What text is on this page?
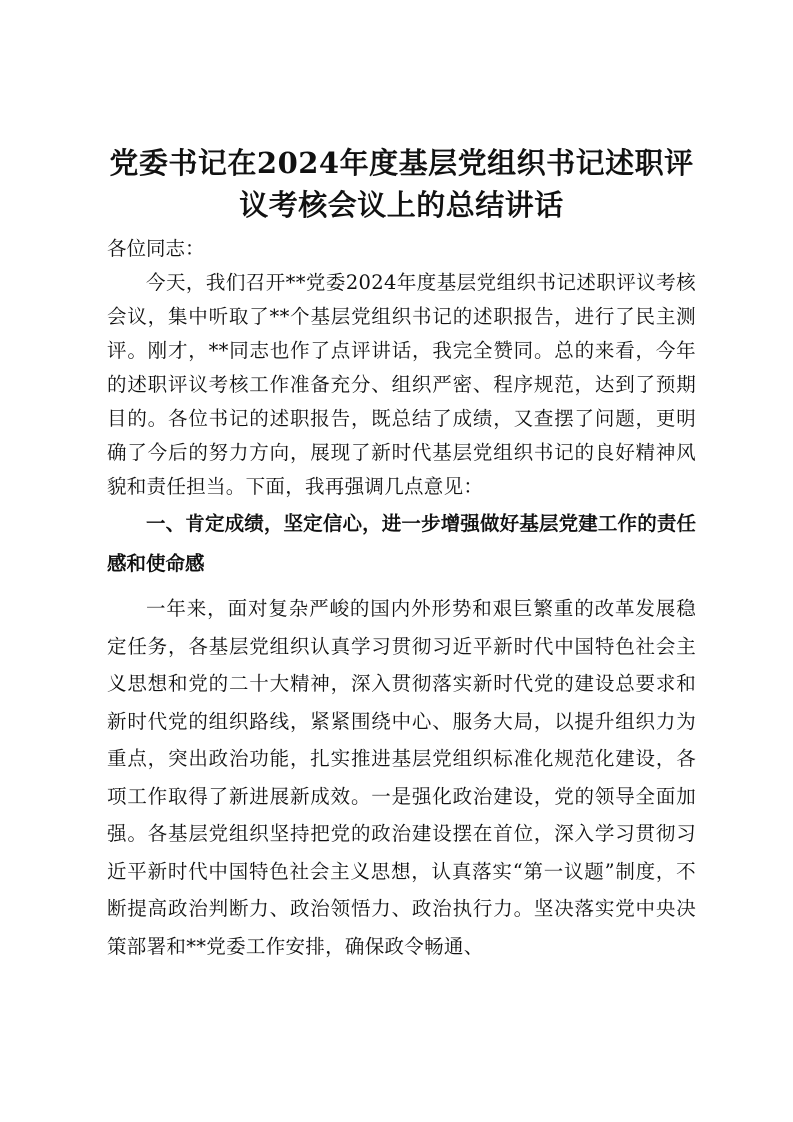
党委书记在2024年度基层党组织书记述职评
议考核会议上的总结讲话

各位同志：

今天，我们召开**党委2024年度基层党组织书记述职评议考核会议，集中听取了**个基层党组织书记的述职报告，进行了民主测评。刚才，**同志也作了点评讲话，我完全赞同。总的来看，今年的述职评议考核工作准备充分、组织严密、程序规范，达到了预期目的。各位书记的述职报告，既总结了成绩，又查摆了问题，更明确了今后的努力方向，展现了新时代基层党组织书记的良好精神风貌和责任担当。下面，我再强调几点意见：

一、肯定成绩，坚定信心，进一步增强做好基层党建工作的责任感和使命感

一年来，面对复杂严峻的国内外形势和艰巨繁重的改革发展稳定任务，各基层党组织认真学习贯彻习近平新时代中国特色社会主义思想和党的二十大精神，深入贯彻落实新时代党的建设总要求和新时代党的组织路线，紧紧围绕中心、服务大局，以提升组织力为重点，突出政治功能，扎实推进基层党组织标准化规范化建设，各项工作取得了新进展新成效。一是强化政治建设，党的领导全面加强。各基层党组织坚持把党的政治建设摆在首位，深入学习贯彻习近平新时代中国特色社会主义思想，认真落实“第一议题”制度，不断提高政治判断力、政治领悟力、政治执行力。坚决落实党中央决策部署和**党委工作安排，确保政令畅通、
